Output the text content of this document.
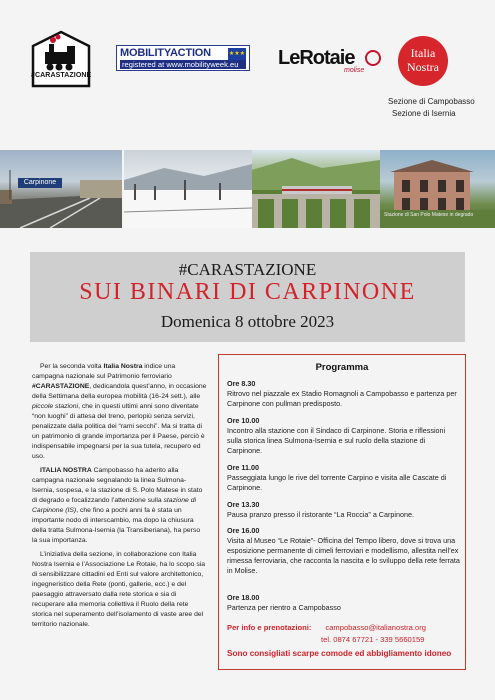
#CARASTAZIONE
MOBILITYACTION	★★★
registered at www.mobilityweek.eu	LeRotaie
molise
Italia
Nostra
Sezione di Campobasso
Sezione di Isernia
Carpinone
Stazione di San Polo Matese in degrado
#CARASTAZIONE
SUI BINARI DI CARPINONE
Domenica 8 ottobre 2023

Per la seconda volta Italia Nostra indice una campagna nazionale sul Patrimonio ferroviario #CARASTAZIONE, dedicandola quest’anno, in occasione della Settimana della europea mobilità (16-24 sett.), alle piccole stazioni, che in questi ultimi anni sono diventate “non luoghi” di attesa del treno, perlopiù senza servizi, penalizzate dalla politica dei “rami secchi”. Ma si tratta di un patrimonio di grande importanza per il Paese, perciò è indispensabile impegnarsi per la sua tutela, recupero ed uso.

ITALIA NOSTRA Campobasso ha aderito alla campagna nazionale segnalando la linea Sulmona-Isernia, sospesa, e la stazione di S. Polo Matese in stato di degrado e focalizzando l’attenzione sulla stazione di Carpinone (IS), che fino a pochi anni fa è stata un importante nodo di interscambio, ma dopo la chiusura della tratta Sulmona-Isernia (la Transiberiana), ha perso la sua importanza.

L’iniziativa della sezione, in collaborazione con Italia Nostra Isernia e l’Associazione Le Rotaie, ha lo scopo sia di sensibilizzare cittadini ed Enti sul valore architettonico, ingegneristico della Rete (ponti, gallerie, ecc.) e del paesaggio attraversato dalla rete storica e sia di recuperare alla memoria collettiva il Ruolo della rete storica nel superamento dell’isolamento di vaste aree del territorio nazionale.

Programma
Ore 8.30
Ritrovo nel piazzale ex Stadio Romagnoli a Campobasso e partenza per Carpinone con pullman predisposto.
Ore 10.00
Incontro alla stazione con il Sindaco di Carpinone. Storia e riflessioni sulla storica linea Sulmona-Isernia e sul ruolo della stazione di Carpinone.
Ore 11.00
Passeggiata lungo le rive del torrente Carpino e visita alle Cascate di Carpinone.
Ore 13.30
Pausa pranzo presso il ristorante “La Roccia” a Carpinone.
Ore 16.00
Visita al Museo “Le Rotaie”- Officina del Tempo libero, dove si trova una esposizione permanente di cimeli ferroviari e modellismo, allestita nell’ex rimessa ferroviaria, che racconta la nascita e lo sviluppo della rete ferrata in Molise.
Ore 18.00
Partenza per rientro a Campobasso
Per info e prenotazioni: campobasso@italianostra.org
tel. 0874 67721 - 339 5660159
Sono consigliati scarpe comode ed abbigliamento idoneo
